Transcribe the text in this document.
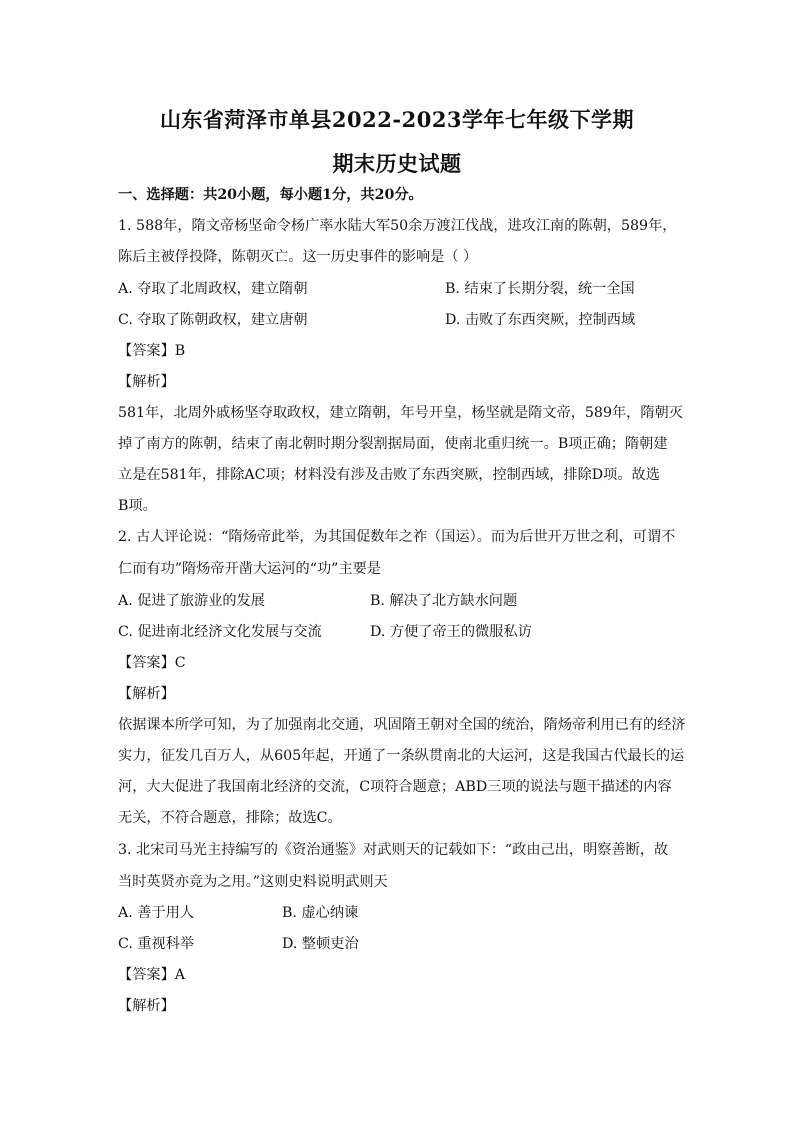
山东省菏泽市单县2022-2023学年七年级下学期
期末历史试题
一、选择题：共20小题，每小题1分，共20分。
1. 588年，隋文帝杨坚命令杨广率水陆大军50余万渡江伐战，进攻江南的陈朝，589年，
陈后主被俘投降，陈朝灭亡。这一历史事件的影响是（ ）
A. 夺取了北周政权，建立隋朝	B. 结束了长期分裂，统一全国
C. 夺取了陈朝政权，建立唐朝	D. 击败了东西突厥，控制西域
【答案】B
【解析】
581年，北周外戚杨坚夺取政权，建立隋朝，年号开皇，杨坚就是隋文帝，589年，隋朝灭
掉了南方的陈朝，结束了南北朝时期分裂割据局面，使南北重归统一。B项正确；隋朝建
立是在581年，排除AC项；材料没有涉及击败了东西突厥，控制西域，排除D项。故选
B项。
2. 古人评论说：“隋炀帝此举，为其国促数年之祚（国运）。而为后世开万世之利，可谓不
仁而有功”隋炀帝开凿大运河的“功”主要是
A. 促进了旅游业的发展	B. 解决了北方缺水问题
C. 促进南北经济文化发展与交流	D. 方便了帝王的微服私访
【答案】C
【解析】
依据课本所学可知，为了加强南北交通，巩固隋王朝对全国的统治，隋炀帝利用已有的经济
实力，征发几百万人，从605年起，开通了一条纵贯南北的大运河，这是我国古代最长的运
河，大大促进了我国南北经济的交流，C项符合题意；ABD三项的说法与题干描述的内容
无关，不符合题意，排除；故选C。
3. 北宋司马光主持编写的《资治通鉴》对武则天的记载如下：“政由己出，明察善断，故
当时英贤亦竞为之用。”这则史料说明武则天
A. 善于用人	B. 虚心纳谏
C. 重视科举	D. 整顿吏治
【答案】A
【解析】
